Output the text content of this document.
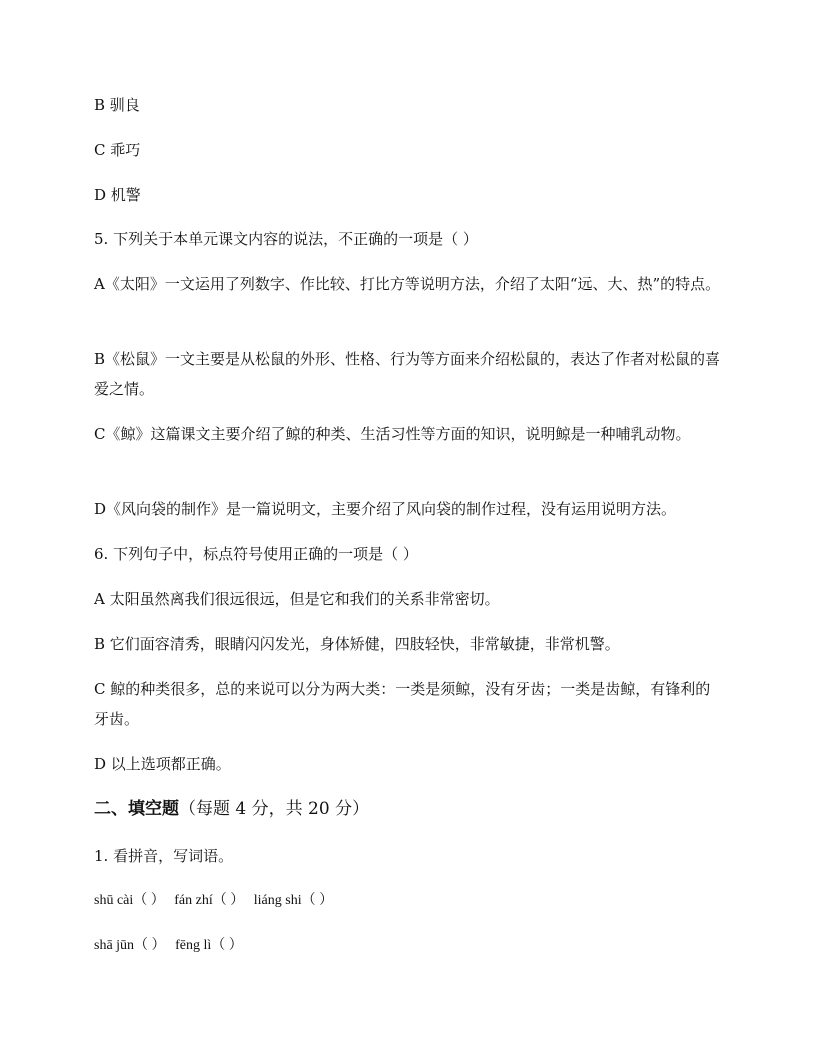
B 驯良
C 乖巧
D 机警
5. 下列关于本单元课文内容的说法，不正确的一项是（ ）
A《太阳》一文运用了列数字、作比较、打比方等说明方法，介绍了太阳“远、大、热”的特点。
B《松鼠》一文主要是从松鼠的外形、性格、行为等方面来介绍松鼠的，表达了作者对松鼠的喜爱之情。
C《鲸》这篇课文主要介绍了鲸的种类、生活习性等方面的知识，说明鲸是一种哺乳动物。
D《风向袋的制作》是一篇说明文，主要介绍了风向袋的制作过程，没有运用说明方法。
6. 下列句子中，标点符号使用正确的一项是（ ）
A 太阳虽然离我们很远很远，但是它和我们的关系非常密切。
B 它们面容清秀，眼睛闪闪发光，身体矫健，四肢轻快，非常敏捷，非常机警。
C 鲸的种类很多，总的来说可以分为两大类：一类是须鲸，没有牙齿；一类是齿鲸，有锋利的牙齿。
D 以上选项都正确。
二、填空题（每题 4 分，共 20 分）
1. 看拼音，写词语。
shū cài（ ） fán zhí（ ） liáng shi（ ）
shā jūn（ ） fēng lì（ ）
